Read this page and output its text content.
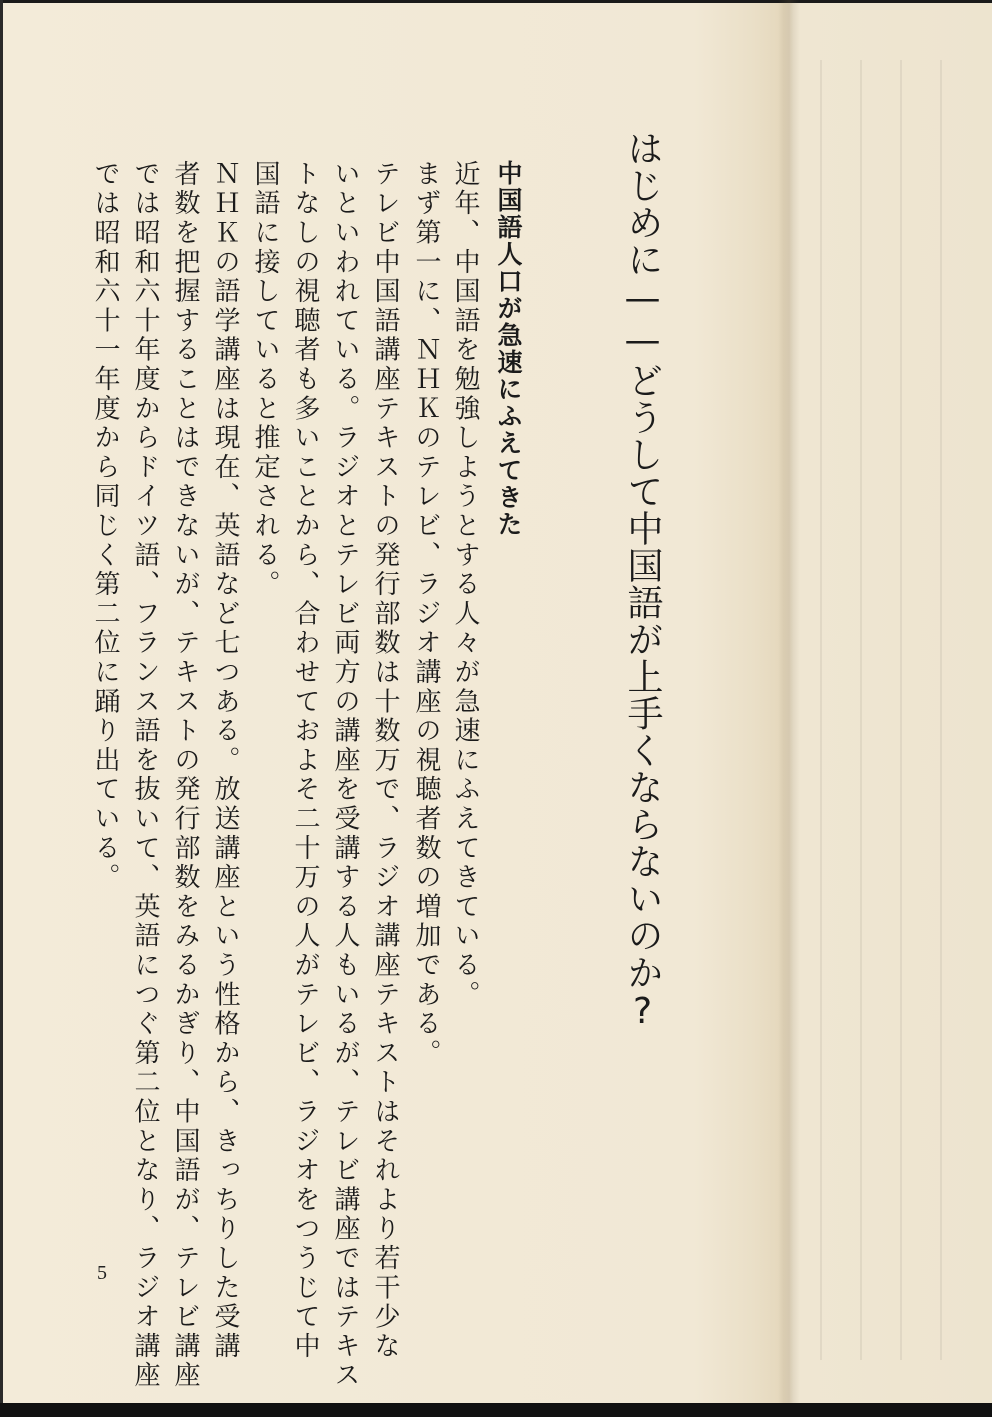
はじめに——どうして中国語が上手くならないのか?
中国語人口が急速にふえてきた
近年、中国語を勉強しようとする人々が急速にふえてきている。
まず第一に、ＮＨＫのテレビ、ラジオ講座の視聴者数の増加である。
テレビ中国語講座テキストの発行部数は十数万で、ラジオ講座テキストはそれより若干少な
いといわれている。ラジオとテレビ両方の講座を受講する人もいるが、テレビ講座ではテキス
トなしの視聴者も多いことから、合わせておよそ二十万の人がテレビ、ラジオをつうじて中
国語に接していると推定される。
ＮＨＫの語学講座は現在、英語など七つある。放送講座という性格から、きっちりした受講
者数を把握することはできないが、テキストの発行部数をみるかぎり、中国語が、テレビ講座
では昭和六十年度からドイツ語、フランス語を抜いて、英語につぐ第二位となり、ラジオ講座
では昭和六十一年度から同じく第二位に踊り出ている。
5
